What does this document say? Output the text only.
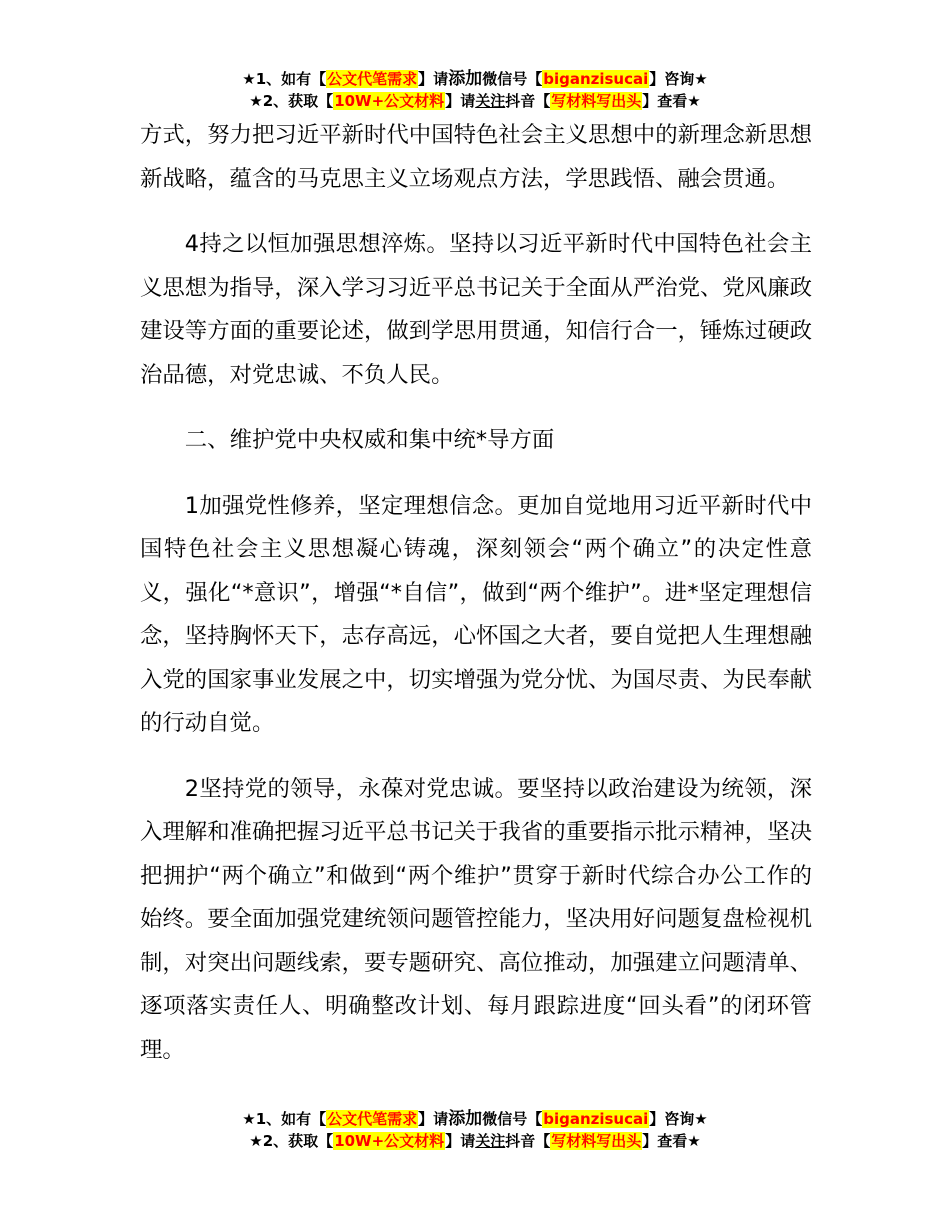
★1、如有【公文代笔需求】请添加微信号【biganzisucai】咨询★
★2、获取【10W+公文材料】请关注抖音【写材料写出头】查看★

方式，努力把习近平新时代中国特色社会主义思想中的新理念新思想新战略，蕴含的马克思主义立场观点方法，学思践悟、融会贯通。

4持之以恒加强思想淬炼。坚持以习近平新时代中国特色社会主义思想为指导，深入学习习近平总书记关于全面从严治党、党风廉政建设等方面的重要论述，做到学思用贯通，知信行合一，锤炼过硬政治品德，对党忠诚、不负人民。

二、维护党中央权威和集中统*导方面

1加强党性修养，坚定理想信念。更加自觉地用习近平新时代中国特色社会主义思想凝心铸魂，深刻领会“两个确立”的决定性意义，强化“*意识”，增强“*自信”，做到“两个维护”。进*坚定理想信念，坚持胸怀天下，志存高远，心怀国之大者，要自觉把人生理想融入党的国家事业发展之中，切实增强为党分忧、为国尽责、为民奉献的行动自觉。

2坚持党的领导，永葆对党忠诚。要坚持以政治建设为统领，深入理解和准确把握习近平总书记关于我省的重要指示批示精神，坚决把拥护“两个确立”和做到“两个维护”贯穿于新时代综合办公工作的始终。要全面加强党建统领问题管控能力，坚决用好问题复盘检视机制，对突出问题线索，要专题研究、高位推动，加强建立问题清单、逐项落实责任人、明确整改计划、每月跟踪进度“回头看”的闭环管理。

★1、如有【公文代笔需求】请添加微信号【biganzisucai】咨询★
★2、获取【10W+公文材料】请关注抖音【写材料写出头】查看★
